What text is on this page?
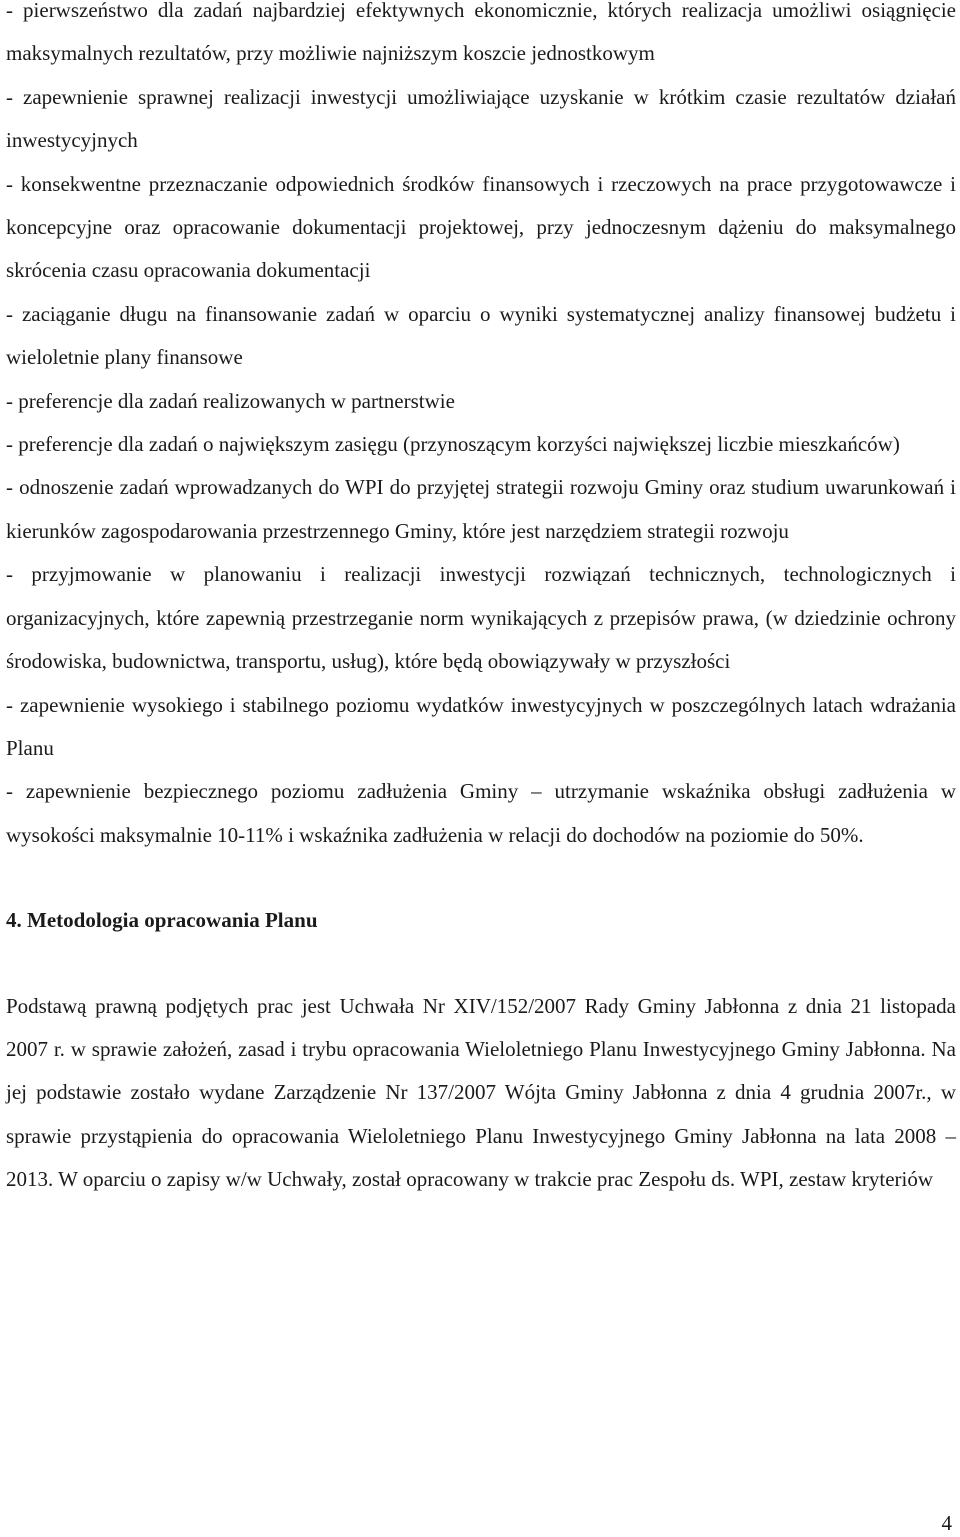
- pierwszeństwo dla zadań najbardziej efektywnych ekonomicznie, których realizacja umożliwi osiągnięcie maksymalnych rezultatów, przy możliwie najniższym koszcie jednostkowym

- zapewnienie sprawnej realizacji inwestycji umożliwiające uzyskanie w krótkim czasie rezultatów działań inwestycyjnych

- konsekwentne przeznaczanie odpowiednich środków finansowych i rzeczowych na prace przygotowawcze i koncepcyjne oraz opracowanie dokumentacji projektowej, przy jednoczesnym dążeniu do maksymalnego skrócenia czasu opracowania dokumentacji

- zaciąganie długu na finansowanie zadań w oparciu o wyniki systematycznej analizy finansowej budżetu i wieloletnie plany finansowe

- preferencje dla zadań realizowanych w partnerstwie

- preferencje dla zadań o największym zasięgu (przynoszącym korzyści największej liczbie mieszkańców)

- odnoszenie zadań wprowadzanych do WPI do przyjętej strategii rozwoju Gminy oraz studium uwarunkowań i kierunków zagospodarowania przestrzennego Gminy, które jest narzędziem strategii rozwoju

- przyjmowanie w planowaniu i realizacji inwestycji rozwiązań technicznych, technologicznych i organizacyjnych, które zapewnią przestrzeganie norm wynikających z przepisów prawa, (w dziedzinie ochrony środowiska, budownictwa, transportu, usług), które będą obowiązywały w przyszłości

- zapewnienie wysokiego i stabilnego poziomu wydatków inwestycyjnych w poszczególnych latach wdrażania Planu

- zapewnienie bezpiecznego poziomu zadłużenia Gminy – utrzymanie wskaźnika obsługi zadłużenia w wysokości maksymalnie 10-11% i wskaźnika zadłużenia w relacji do dochodów na poziomie do 50%.

4. Metodologia opracowania Planu

Podstawą prawną podjętych prac jest Uchwała Nr XIV/152/2007 Rady Gminy Jabłonna z dnia 21 listopada 2007 r. w sprawie założeń, zasad i trybu opracowania Wieloletniego Planu Inwestycyjnego Gminy Jabłonna. Na jej podstawie zostało wydane Zarządzenie Nr 137/2007 Wójta Gminy Jabłonna z dnia 4 grudnia 2007r., w sprawie przystąpienia do opracowania Wieloletniego Planu Inwestycyjnego Gminy Jabłonna na lata 2008 – 2013. W oparciu o zapisy w/w Uchwały, został opracowany w trakcie prac Zespołu ds. WPI, zestaw kryteriów

4
